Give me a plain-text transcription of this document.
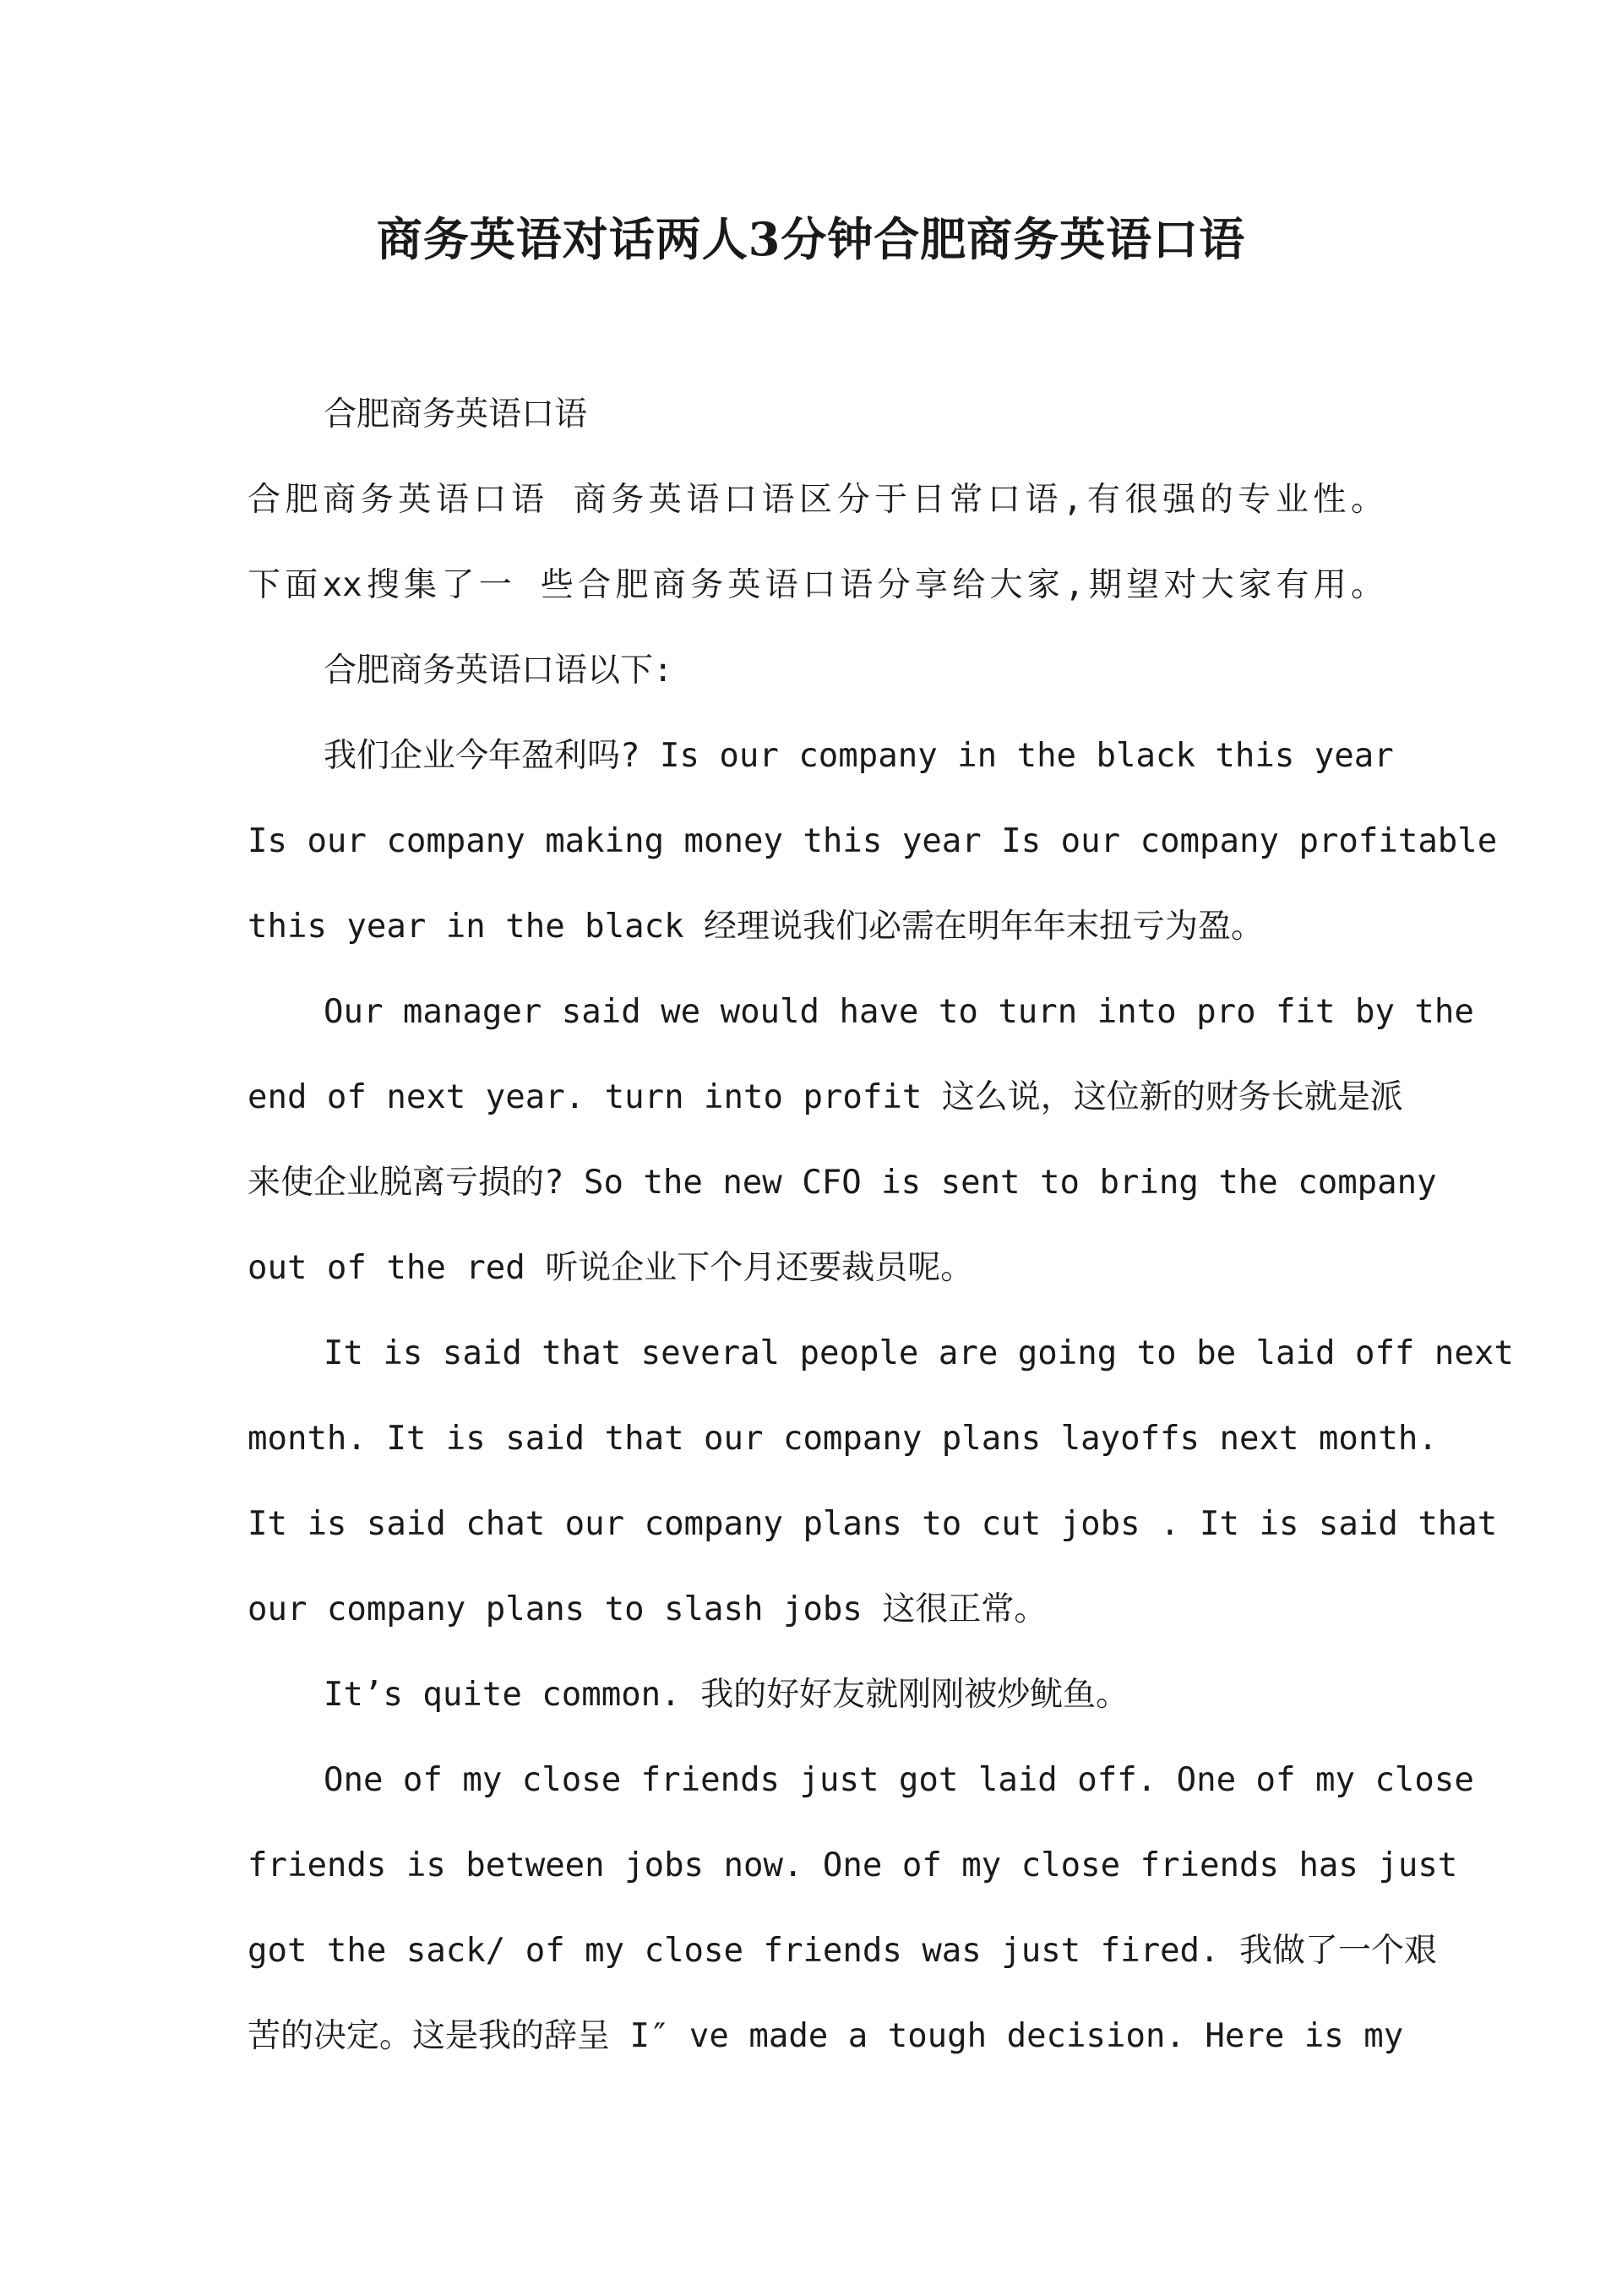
商务英语对话两人3分钟合肥商务英语口语
合肥商务英语口语
合肥商务英语口语 商务英语口语区分于日常口语,有很强的专业性。
下面xx搜集了一 些合肥商务英语口语分享给大家,期望对大家有用。
合肥商务英语口语以下:
我们企业今年盈利吗? Is our company in the black this year
Is our company making money this year Is our company profitable
this year in the black 经理说我们必需在明年年末扭亏为盈。
Our manager said we would have to turn into pro fit by the
end of next year. turn into profit 这么说，这位新的财务长就是派
来使企业脱离亏损的? So the new CFO is sent to bring the company
out of the red 听说企业下个月还要裁员呢。
It is said that several people are going to be laid off next
month. It is said that our company plans layoffs next month.
It is said chat our company plans to cut jobs . It is said that
our company plans to slash jobs 这很正常。
It’s quite common. 我的好好友就刚刚被炒鱿鱼。
One of my close friends just got laid off. One of my close
friends is between jobs now. One of my close friends has just
got the sack/ of my close friends was just fired. 我做了一个艰
苦的决定。这是我的辞呈 I″ ve made a tough decision. Here is my
